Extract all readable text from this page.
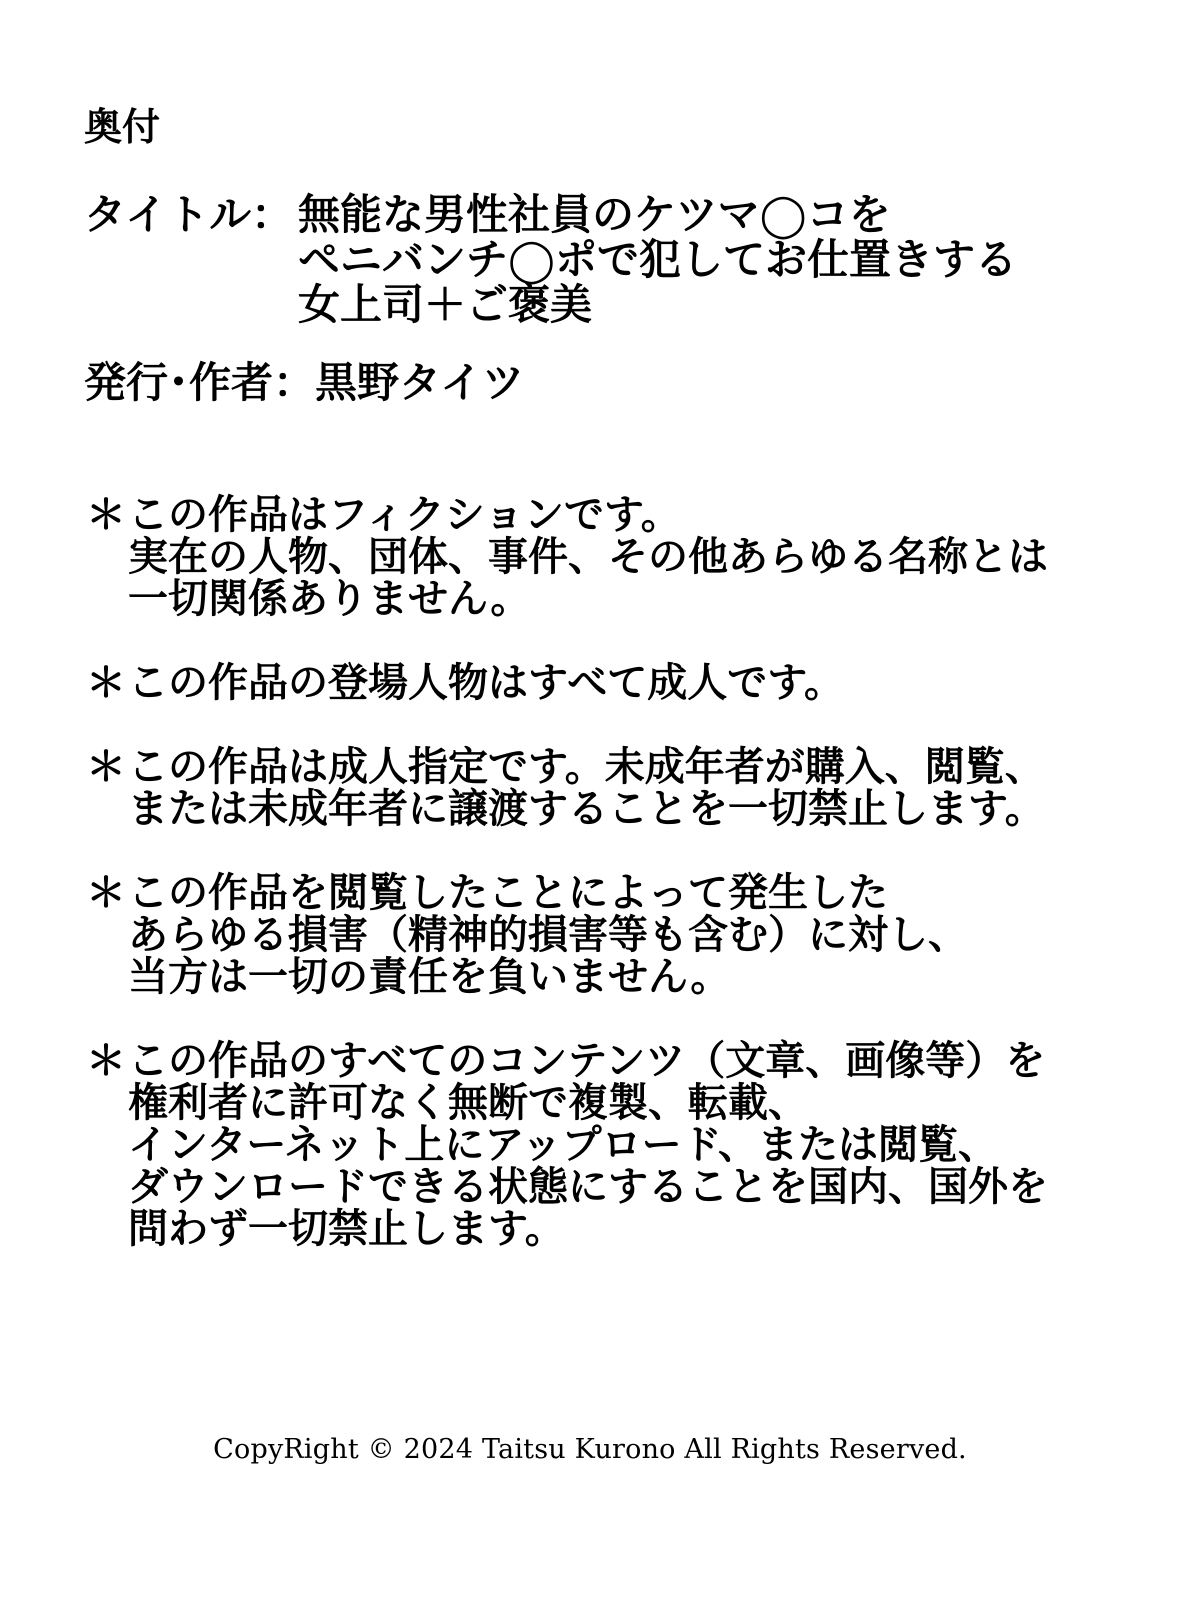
奥付
タイトル： 無能な男性社員のケツマ◯コを
ペニバンチ◯ポで犯してお仕置きする
女上司＋ご褒美
発行･作者： 黒野タイツ
＊ この作品はフィクションです。
実在の人物、団体、事件、その他あらゆる名称とは
一切関係ありません。
＊ この作品の登場人物はすべて成人です。
＊ この作品は成人指定です。未成年者が購入、閲覧、
または未成年者に譲渡することを一切禁止します。
＊ この作品を閲覧したことによって発生した
あらゆる損害（精神的損害等も含む）に対し、
当方は一切の責任を負いません。
＊ この作品のすべてのコンテンツ（文章、画像等）を
権利者に許可なく無断で複製、転載、
インターネット上にアップロード、または閲覧、
ダウンロードできる状態にすることを国内、国外を
問わず一切禁止します。
CopyRight © 2024 Taitsu Kurono All Rights Reserved.
